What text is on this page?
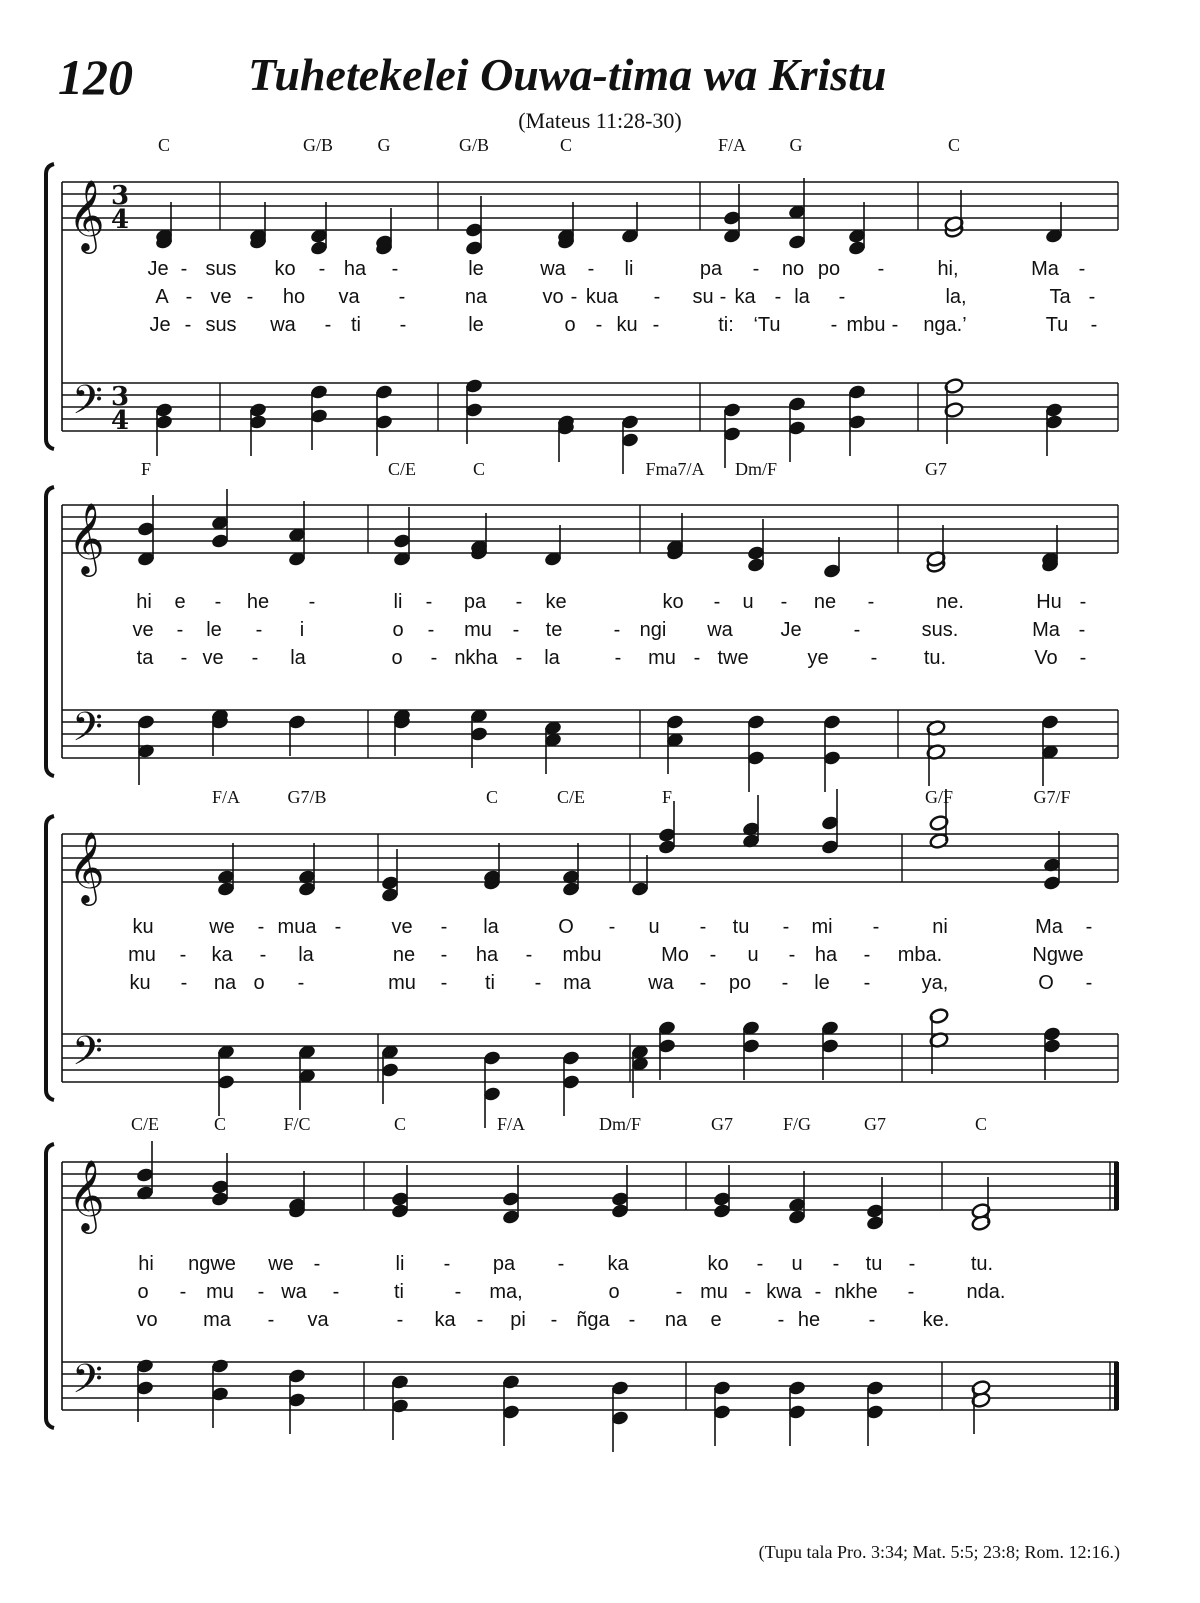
120	Tuhetekelei Ouwa-tima wa Kristu
(Mateus 11:28-30)
𝄞
𝄢
3
4
3
4
𝄞
𝄢
𝄞
𝄢
𝄞
𝄢
C	G/B G	G/B	C	F/A G	C
Je - sus ko - ha -	le	wa - li	pa - no po -	hi,	Ma -
A - ve - ho va -	na	vo - kua - su - ka - la -	la,	Ta -
Je - sus wa - ti -	le	o - ku -	ti: ‘Tu	- mbu - nga.’	Tu -
F	C/E	C	Fma7/A Dm/F	G7
hi e - he -	li - pa - ke	ko - u - ne -	ne.	Hu -
ve - le - i	o - mu - te	- ngi wa Je	-	sus.	Ma -
ta - ve - la	o - nkha - la	- mu - twe	ye - tu.	Vo -
F/A	G7/B	C	C/E	F	G/F	G7/F
ku	we - mua -	ve - la	O - u - tu - mi -	ni	Ma -
mu - ka - la	ne - ha - mbu	Mo - u - ha - mba.	Ngwe
ku - na o -	mu - ti - ma	wa - po - le -	ya,	O -
C/E	C	F/C	C	F/A	Dm/F	G7	F/G	G7	C
hi ngwe we -	li - pa - ka	ko - u - tu -	tu.
o - mu - wa -	ti	- ma,	o	- mu - kwa - nkhe -	nda.
vo ma - va	- ka - pi - ñga - na e	- he - ke.
(Tupu tala Pro. 3:34; Mat. 5:5; 23:8; Rom. 12:16.)
